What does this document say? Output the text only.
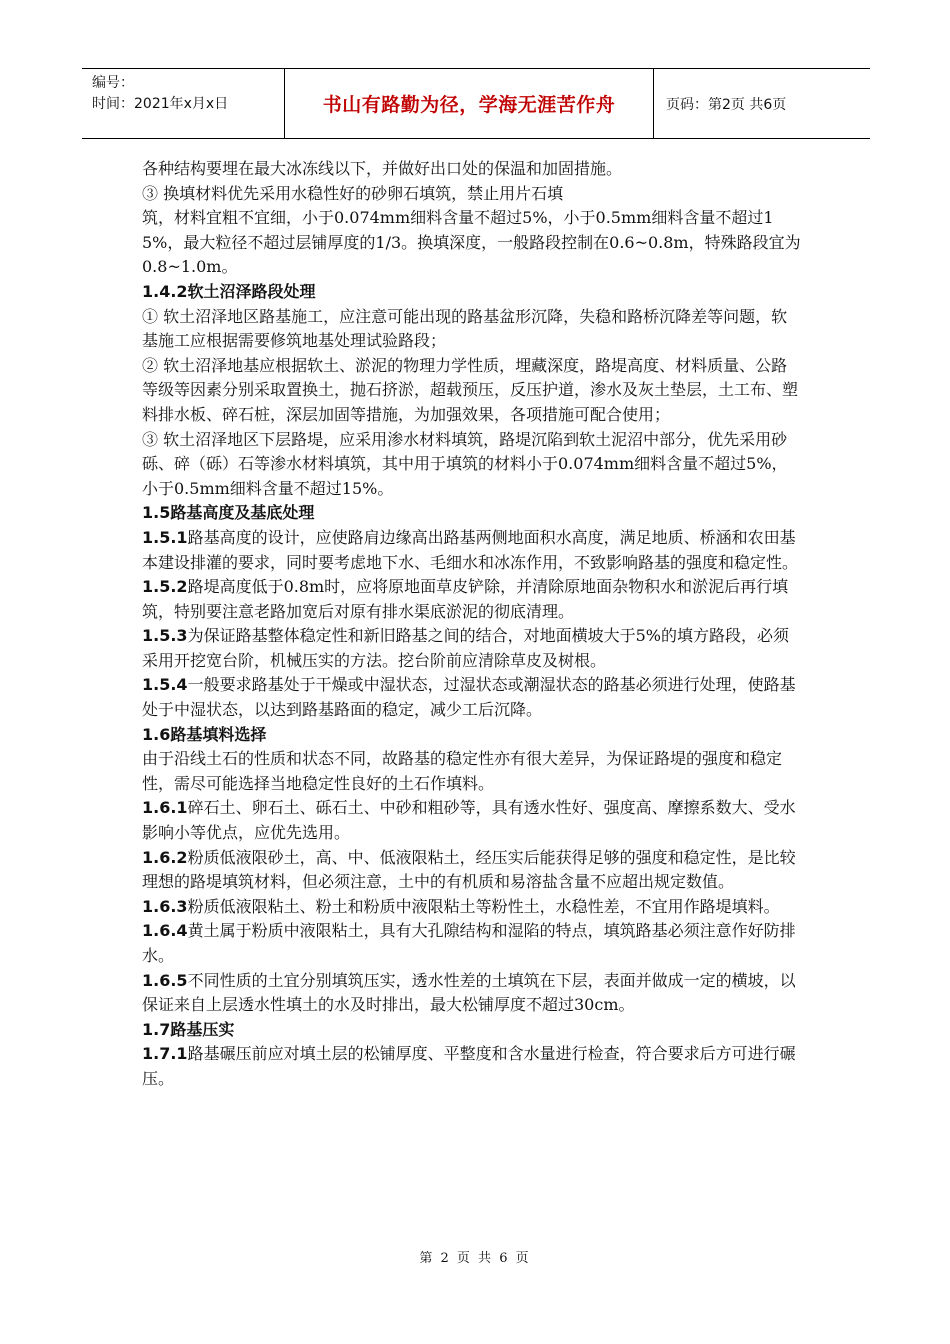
编号：
时间：2021年x月x日	书山有路勤为径，学海无涯苦作舟	页码：第2页 共6页

各种结构要埋在最大冰冻线以下，并做好出口处的保温和加固措施。

③ 换填材料优先采用水稳性好的砂卵石填筑，禁止用片石填

筑，材料宜粗不宜细，小于0.074mm细料含量不超过5%，小于0.5mm细料含量不超过15%，最大粒径不超过层铺厚度的1/3。换填深度，一般路段控制在0.6~0.8m，特殊路段宜为0.8~1.0m。

1.4.2软土沼泽路段处理

① 软土沼泽地区路基施工，应注意可能出现的路基盆形沉降，失稳和路桥沉降差等问题，软基施工应根据需要修筑地基处理试验路段；

② 软土沼泽地基应根据软土、淤泥的物理力学性质，埋藏深度，路堤高度、材料质量、公路等级等因素分别采取置换土，抛石挤淤，超载预压，反压护道，渗水及灰土垫层，土工布、塑料排水板、碎石桩，深层加固等措施，为加强效果，各项措施可配合使用；

③ 软土沼泽地区下层路堤，应采用渗水材料填筑，路堤沉陷到软土泥沼中部分，优先采用砂砾、碎（砾）石等渗水材料填筑，其中用于填筑的材料小于0.074mm细料含量不超过5%，小于0.5mm细料含量不超过15%。

1.5路基高度及基底处理

1.5.1路基高度的设计，应使路肩边缘高出路基两侧地面积水高度，满足地质、桥涵和农田基本建设排灌的要求，同时要考虑地下水、毛细水和冰冻作用，不致影响路基的强度和稳定性。

1.5.2路堤高度低于0.8m时，应将原地面草皮铲除，并清除原地面杂物积水和淤泥后再行填筑，特别要注意老路加宽后对原有排水渠底淤泥的彻底清理。

1.5.3为保证路基整体稳定性和新旧路基之间的结合，对地面横坡大于5%的填方路段，必须采用开挖宽台阶，机械压实的方法。挖台阶前应清除草皮及树根。

1.5.4一般要求路基处于干燥或中湿状态，过湿状态或潮湿状态的路基必须进行处理，使路基处于中湿状态，以达到路基路面的稳定，减少工后沉降。

1.6路基填料选择

由于沿线土石的性质和状态不同，故路基的稳定性亦有很大差异，为保证路堤的强度和稳定性，需尽可能选择当地稳定性良好的土石作填料。

1.6.1碎石土、卵石土、砾石土、中砂和粗砂等，具有透水性好、强度高、摩擦系数大、受水影响小等优点，应优先选用。

1.6.2粉质低液限砂土，高、中、低液限粘土，经压实后能获得足够的强度和稳定性，是比较理想的路堤填筑材料，但必须注意，土中的有机质和易溶盐含量不应超出规定数值。

1.6.3粉质低液限粘土、粉土和粉质中液限粘土等粉性土，水稳性差，不宜用作路堤填料。

1.6.4黄土属于粉质中液限粘土，具有大孔隙结构和湿陷的特点，填筑路基必须注意作好防排水。

1.6.5不同性质的土宜分别填筑压实，透水性差的土填筑在下层，表面并做成一定的横坡，以保证来自上层透水性填土的水及时排出，最大松铺厚度不超过30cm。

1.7路基压实

1.7.1路基碾压前应对填土层的松铺厚度、平整度和含水量进行检查，符合要求后方可进行碾压。

第 2 页 共 6 页
